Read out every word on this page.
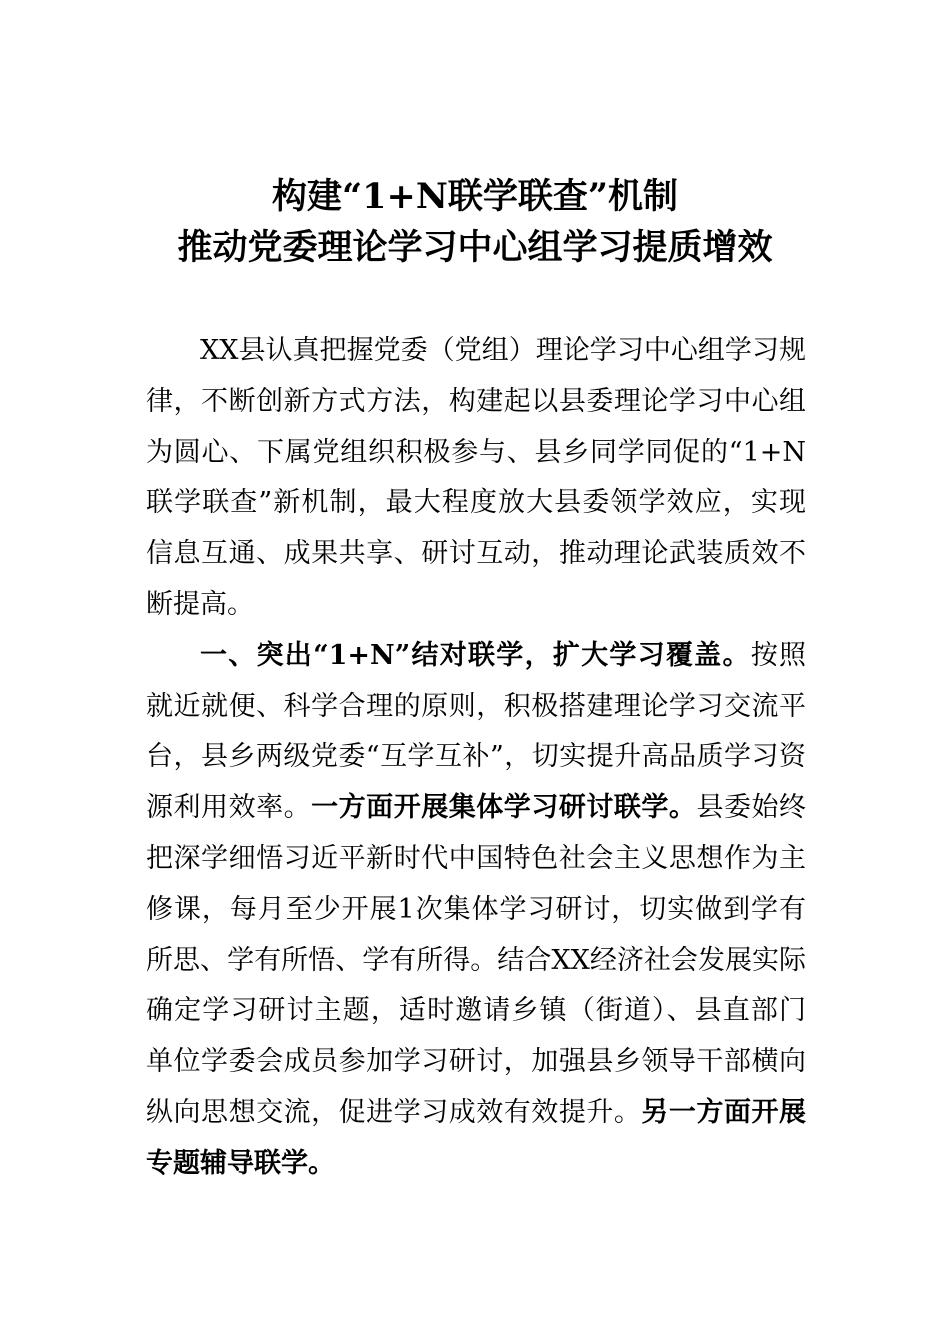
构建“1+N联学联查”机制
推动党委理论学习中心组学习提质增效

XX县认真把握党委（党组）理论学习中心组学习规律，不断创新方式方法，构建起以县委理论学习中心组为圆心、下属党组织积极参与、县乡同学同促的“1+N联学联查”新机制，最大程度放大县委领学效应，实现信息互通、成果共享、研讨互动，推动理论武装质效不断提高。

一、突出“1+N”结对联学，扩大学习覆盖。按照就近就便、科学合理的原则，积极搭建理论学习交流平台，县乡两级党委“互学互补”，切实提升高品质学习资源利用效率。一方面开展集体学习研讨联学。县委始终把深学细悟习近平新时代中国特色社会主义思想作为主修课，每月至少开展1次集体学习研讨，切实做到学有所思、学有所悟、学有所得。结合XX经济社会发展实际确定学习研讨主题，适时邀请乡镇（街道）、县直部门单位学委会成员参加学习研讨，加强县乡领导干部横向纵向思想交流，促进学习成效有效提升。另一方面开展专题辅导联学。
